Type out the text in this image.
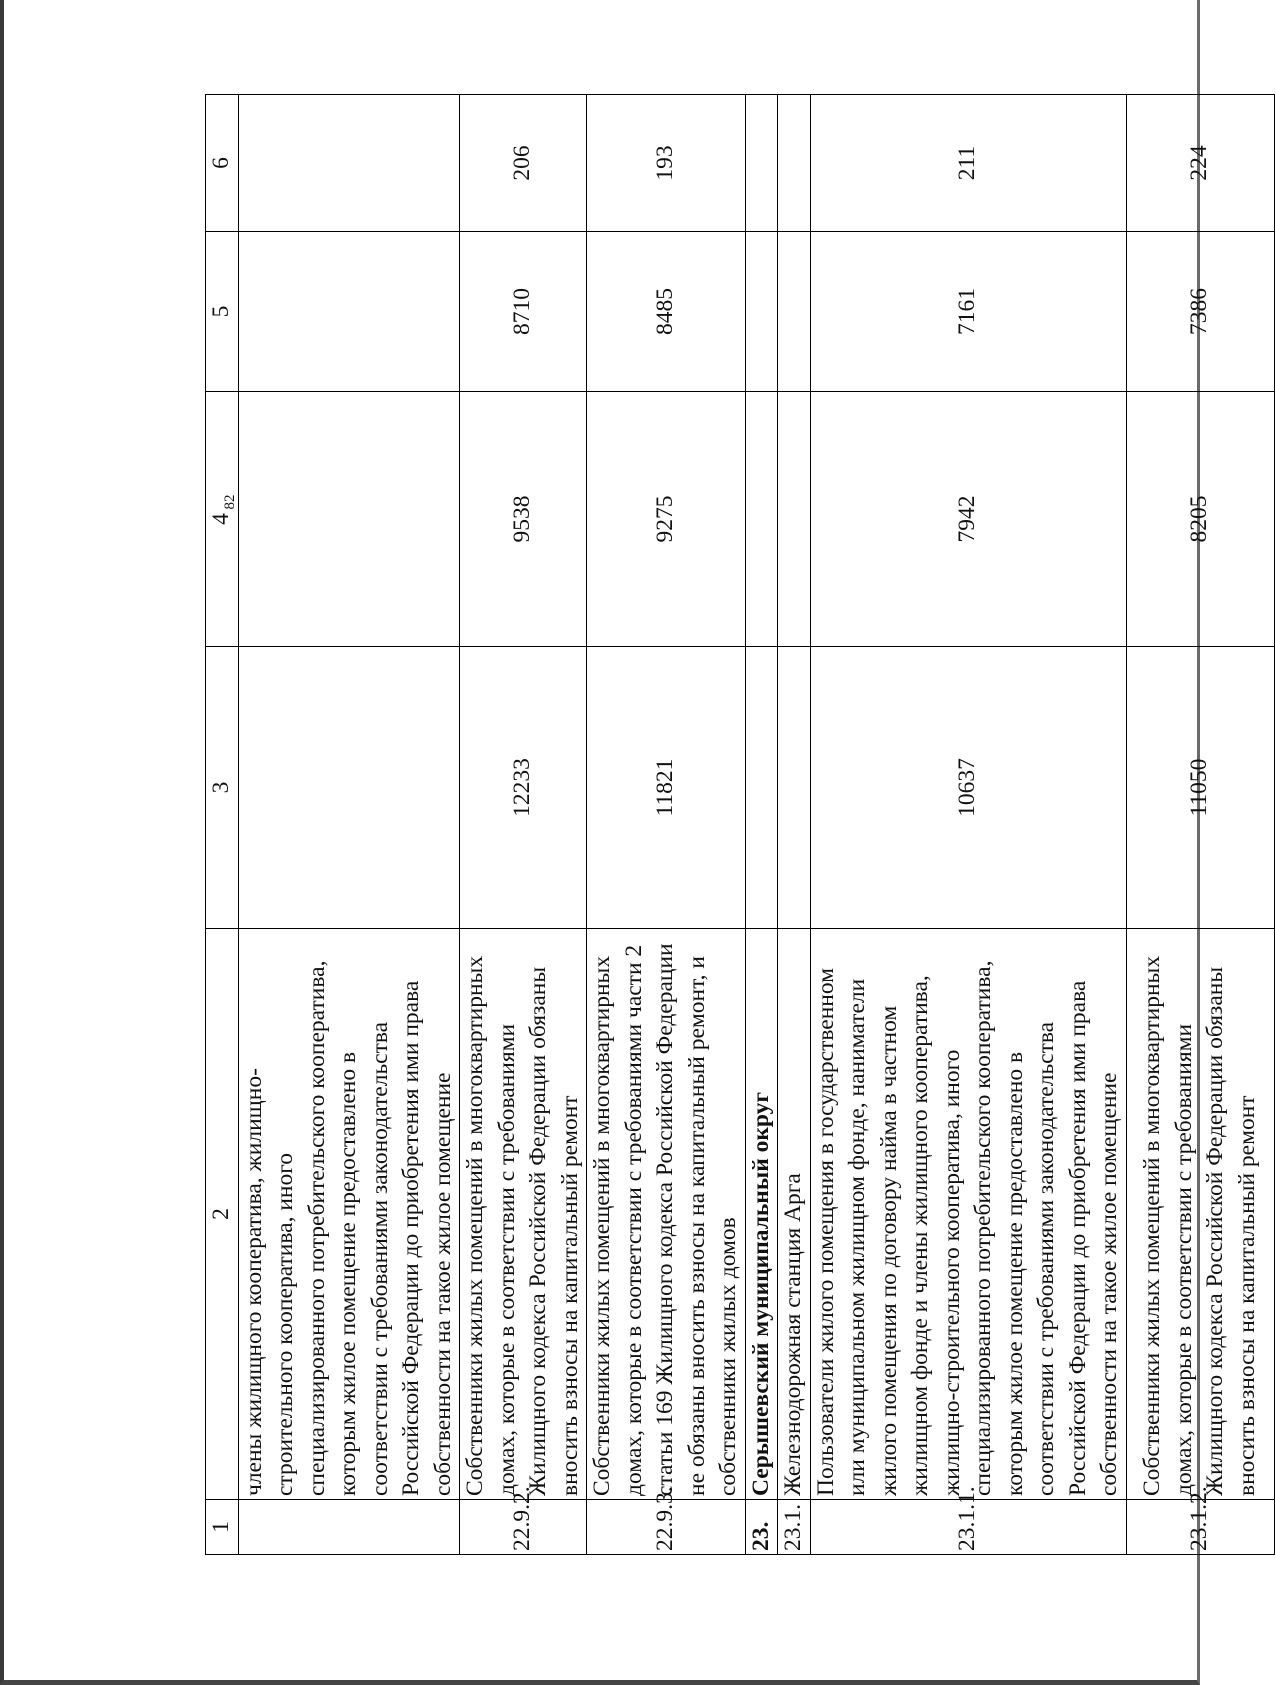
82
1	2	3	4	5	6
	члены жилищного кооператива, жилищно-строительного кооператива, иного специализированного потребительского кооператива, которым жилое помещение предоставлено в соответствии с требованиями законодательства Российской Федерации до приобретения ими права собственности на такое жилое помещение				
22.9.2.	Собственники жилых помещений в многоквартирных домах, которые в соответствии с требованиями Жилищного кодекса Российской Федерации обязаны вносить взносы на капитальный ремонт	12233	9538	8710	206
22.9.3.	Собственники жилых помещений в многоквартирных домах, которые в соответствии с требованиями части 2 статьи 169 Жилищного кодекса Российской Федерации не обязаны вносить взносы на капитальный ремонт, и собственники жилых домов	11821	9275	8485	193
23.	Серышевский муниципальный округ				
23.1.	Железнодорожная станция Арга				
23.1.1.	Пользователи жилого помещения в государственном или муниципальном жилищном фонде, наниматели жилого помещения по договору найма в частном жилищном фонде и члены жилищного кооператива, жилищно-строительного кооператива, иного специализированного потребительского кооператива, которым жилое помещение предоставлено в соответствии с требованиями законодательства Российской Федерации до приобретения ими права собственности на такое жилое помещение	10637	7942	7161	211
23.1.2.	Собственники жилых помещений в многоквартирных домах, которые в соответствии с требованиями Жилищного кодекса Российской Федерации обязаны вносить взносы на капитальный ремонт	11050	8205	7386	224
